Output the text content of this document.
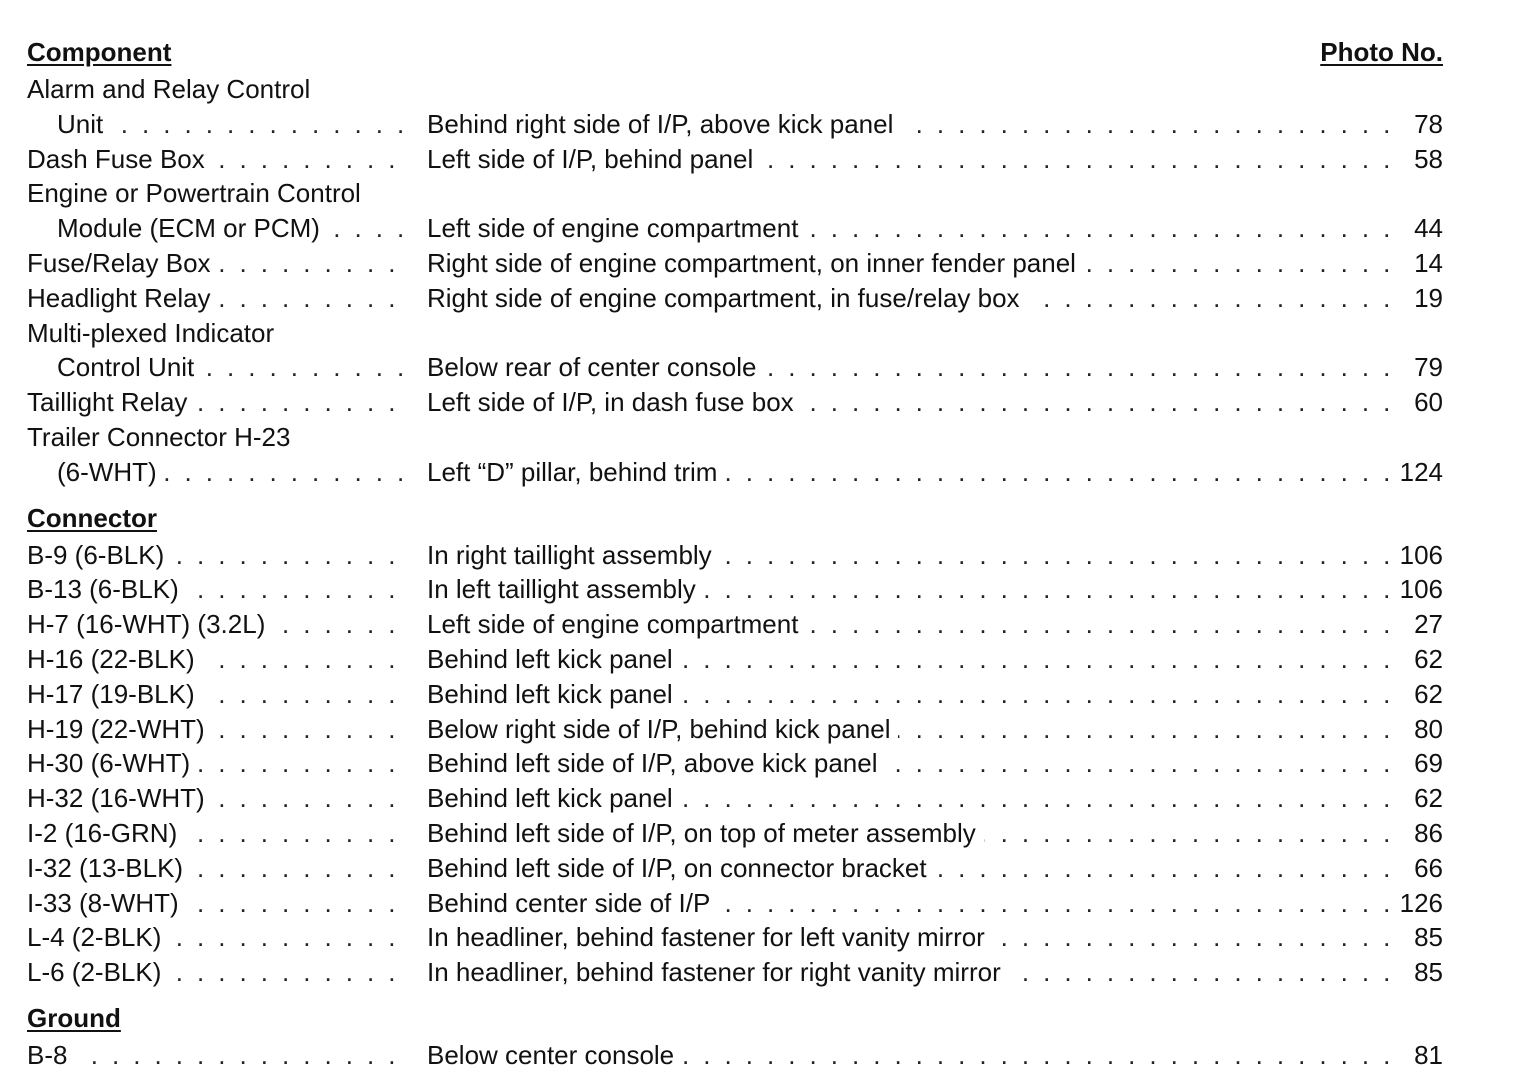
Component	Photo No.
Alarm and Relay Control
. . .
Unit . . .	Behind right side of I/P, above kick panel	78
. . .
Dash Fuse Box . . .	Left side of I/P, behind panel	58
Engine or Powertrain Control
. . .
Module (ECM or PCM) . . .	Left side of engine compartment	44
. . .
Fuse/Relay Box . . .	Right side of engine compartment, on inner fender panel	14
. . .
Headlight Relay . . .	Right side of engine compartment, in fuse/relay box	19
Multi-plexed Indicator
. . .
Control Unit . . .	Below rear of center console	79
. . .
Taillight Relay . . .	Left side of I/P, in dash fuse box	60
Trailer Connector H-23
. . .
(6-WHT) . . .	Left “D” pillar, behind trim	124
Connector
. . .
B-9 (6-BLK) . . .	In right taillight assembly	106
. . .
B-13 (6-BLK) . . .	In left taillight assembly	106
. . .
H-7 (16-WHT) (3.2L) . . .	Left side of engine compartment	27
. . .
H-16 (22-BLK) . . .	Behind left kick panel	62
. . .
H-17 (19-BLK) . . .	Behind left kick panel	62
. . .
H-19 (22-WHT) . . .	Below right side of I/P, behind kick panel	80
. . .
H-30 (6-WHT) . . .	Behind left side of I/P, above kick panel	69
. . .
H-32 (16-WHT) . . .	Behind left kick panel	62
. . .
I-2 (16-GRN) . . .	Behind left side of I/P, on top of meter assembly	86
. . .
I-32 (13-BLK) . . .	Behind left side of I/P, on connector bracket	66
. . .
I-33 (8-WHT) . . .	Behind center side of I/P	126
. . .
L-4 (2-BLK) . . .	In headliner, behind fastener for left vanity mirror	85
. . .
L-6 (2-BLK) . . .	In headliner, behind fastener for right vanity mirror	85
Ground
. . .
B-8 . . .	Below center console	81
